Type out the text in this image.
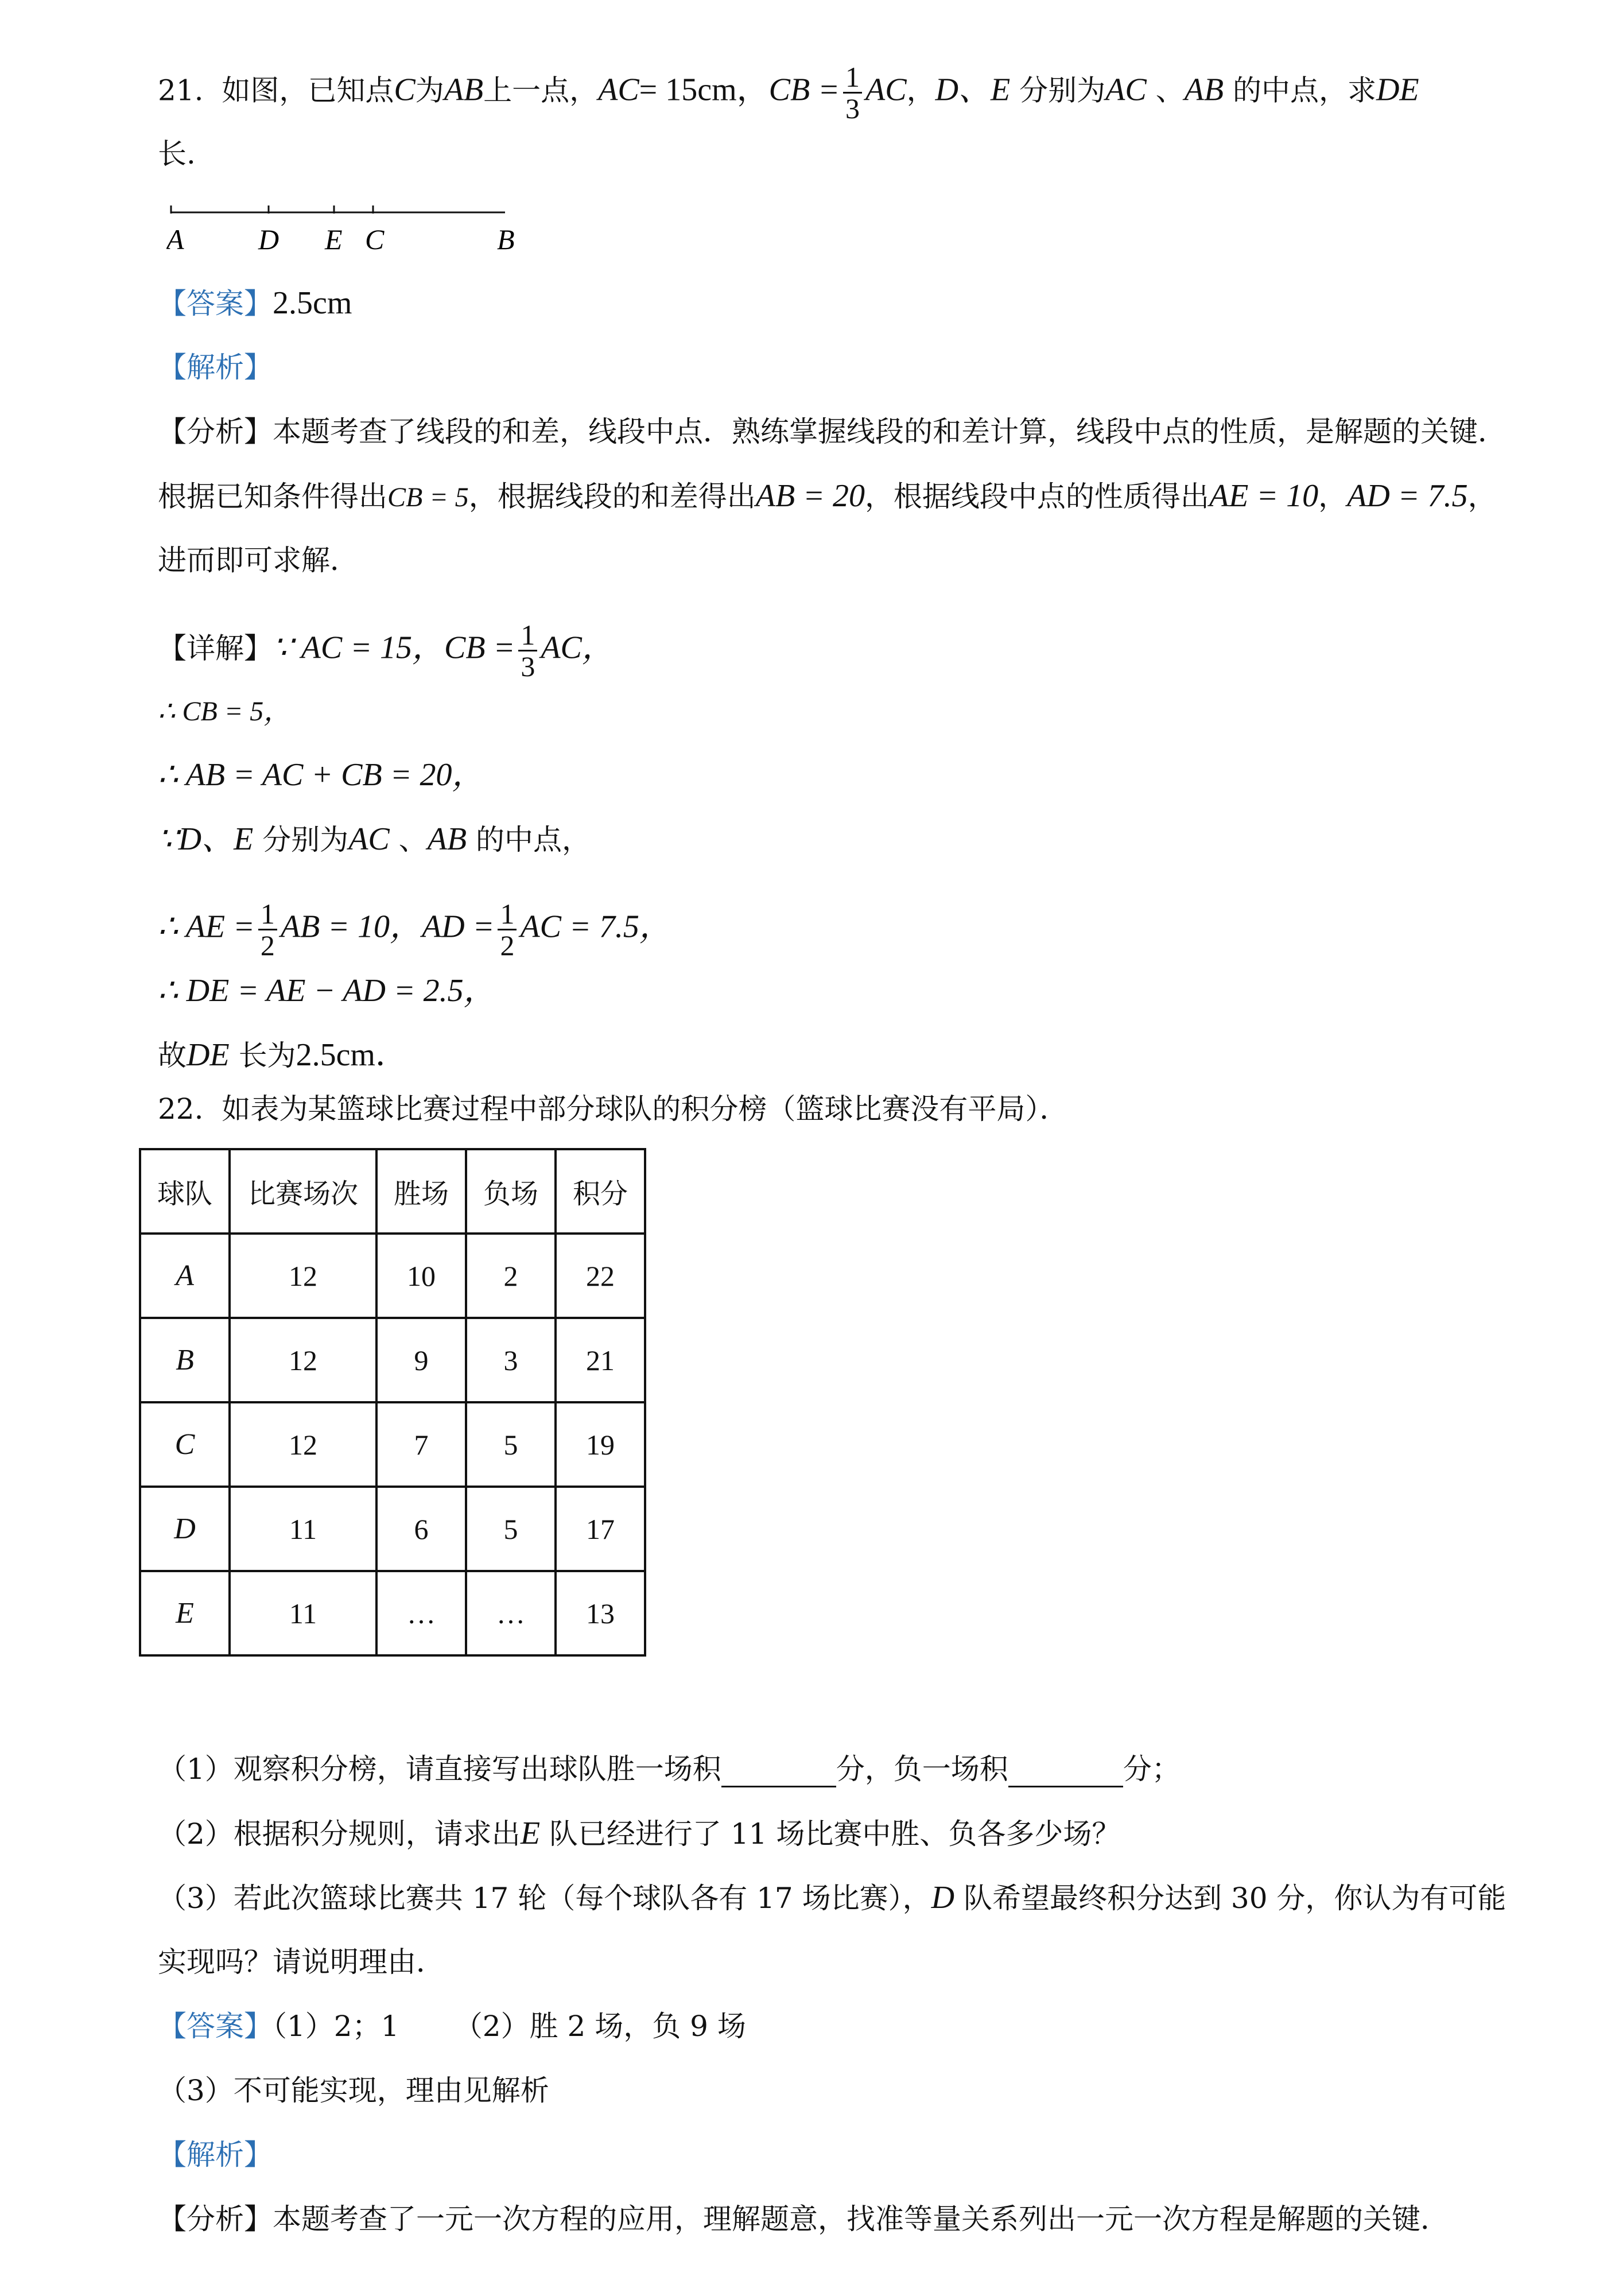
21. 如图，已知点C为AB上一点，AC= 15cm，CB = $\frac{1}{3}$ AC，D、E 分别为AC 、AB 的中点，求DE
长.
A	D E C	B
【答案】2.5cm
【解析】
【分析】本题考查了线段的和差，线段中点．熟练掌握线段的和差计算，线段中点的性质，是解题的关键．
根据已知条件得出CB = 5，根据线段的和差得出AB = 20，根据线段中点的性质得出AE = 10，AD = 7.5，
进而即可求解．
【详解】∵ AC = 15，CB = $\frac{1}{3}$ AC，
∴ CB = 5，
∴ AB = AC + CB = 20，
∵D、E 分别为AC 、AB 的中点，
∴ AE = $\frac{1}{2}$ AB = 10，AD = $\frac{1}{2}$ AC = 7.5，
∴ DE = AE − AD = 2.5，
故DE 长为2.5cm．
22. 如表为某篮球比赛过程中部分球队的积分榜（篮球比赛没有平局）．
球队	比赛场次	胜场	负场	积分
A	12	10	2	22
B	12	9	3	21
C	12	7	5	19
D	11	6	5	17
E	11	…	…	13
（1）观察积分榜，请直接写出球队胜一场积	分，负一场积	分；
（2）根据积分规则，请求出E 队已经进行了 11 场比赛中胜、负各多少场？
（3）若此次篮球比赛共 17 轮（每个球队各有 17 场比赛），D 队希望最终积分达到 30 分，你认为有可能
实现吗？请说明理由．
【答案】（1）2；1 （2）胜 2 场，负 9 场
（3）不可能实现，理由见解析
【解析】
【分析】本题考查了一元一次方程的应用，理解题意，找准等量关系列出一元一次方程是解题的关键．
